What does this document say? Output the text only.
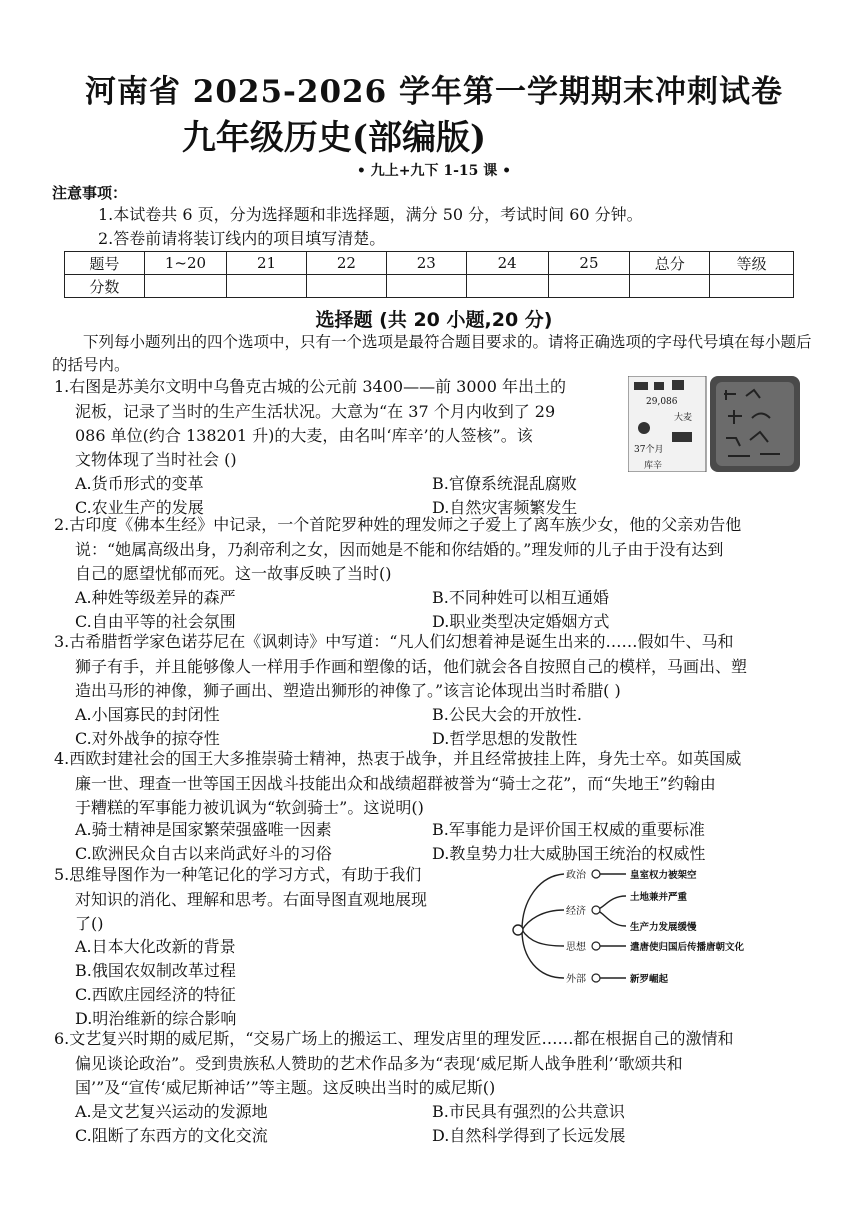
河南省 2025-2026 学年第一学期期末冲刺试卷
九年级历史(部编版)
• 九上+九下 1-15 课 •
注意事项：
1.本试卷共 6 页，分为选择题和非选择题，满分 50 分，考试时间 60 分钟。
2.答卷前请将装订线内的项目填写清楚。
题号	1~20	21	22	23	24	25	总分	等级
分数								
选择题 (共 20 小题,20 分)
下列每小题列出的四个选项中，只有一个选项是最符合题目要求的。请将正确选项的字母代号填在每小题后的括号内。
1.右图是苏美尔文明中乌鲁克古城的公元前 3400——前 3000 年出土的
泥板，记录了当时的生产生活状况。大意为“在 37 个月内收到了 29
086 单位(约合 138201 升)的大麦，由名叫‘库辛’的人签核”。该
文物体现了当时社会 ()
A.货币形式的变革	B.官僚系统混乱腐败
C.农业生产的发展	D.自然灾害频繁发生
29,086
大麦
37个月
库辛
2.古印度《佛本生经》中记录，一个首陀罗种姓的理发师之子爱上了离车族少女，他的父亲劝告他
说：“她属高级出身，乃刹帝利之女，因而她是不能和你结婚的。”理发师的儿子由于没有达到
自己的愿望忧郁而死。这一故事反映了当时()
A.种姓等级差异的森严	B.不同种姓可以相互通婚
C.自由平等的社会氛围	D.职业类型决定婚姻方式
3.古希腊哲学家色诺芬尼在《讽刺诗》中写道：“凡人们幻想着神是诞生出来的……假如牛、马和
狮子有手，并且能够像人一样用手作画和塑像的话，他们就会各自按照自己的模样，马画出、塑
造出马形的神像，狮子画出、塑造出狮形的神像了。”该言论体现出当时希腊( )
A.小国寡民的封闭性	B.公民大会的开放性.
C.对外战争的掠夺性	D.哲学思想的发散性
4.西欧封建社会的国王大多推崇骑士精神，热衷于战争，并且经常披挂上阵，身先士卒。如英国威
廉一世、理查一世等国王因战斗技能出众和战绩超群被誉为“骑士之花”，而“失地王”约翰由
于糟糕的军事能力被讥讽为“软剑骑士”。这说明()
A.骑士精神是国家繁荣强盛唯一因素	B.军事能力是评价国王权威的重要标准
C.欧洲民众自古以来尚武好斗的习俗	D.教皇势力壮大威胁国王统治的权威性
5.思维导图作为一种笔记化的学习方式，有助于我们
对知识的消化、理解和思考。右面导图直观地展现
了()
A.日本大化改新的背景
B.俄国农奴制改革过程
C.西欧庄园经济的特征
D.明治维新的综合影响
政治
经济
思想
外部
皇室权力被架空
土地兼并严重
生产力发展缓慢
遣唐使归国后传播唐朝文化
新罗崛起
6.文艺复兴时期的威尼斯，“交易广场上的搬运工、理发店里的理发匠……都在根据自己的激情和
偏见谈论政治”。受到贵族私人赞助的艺术作品多为“表现‘威尼斯人战争胜利’‘歌颂共和
国’”及“宣传‘威尼斯神话’”等主题。这反映出当时的威尼斯()
A.是文艺复兴运动的发源地	B.市民具有强烈的公共意识
C.阻断了东西方的文化交流	D.自然科学得到了长远发展
